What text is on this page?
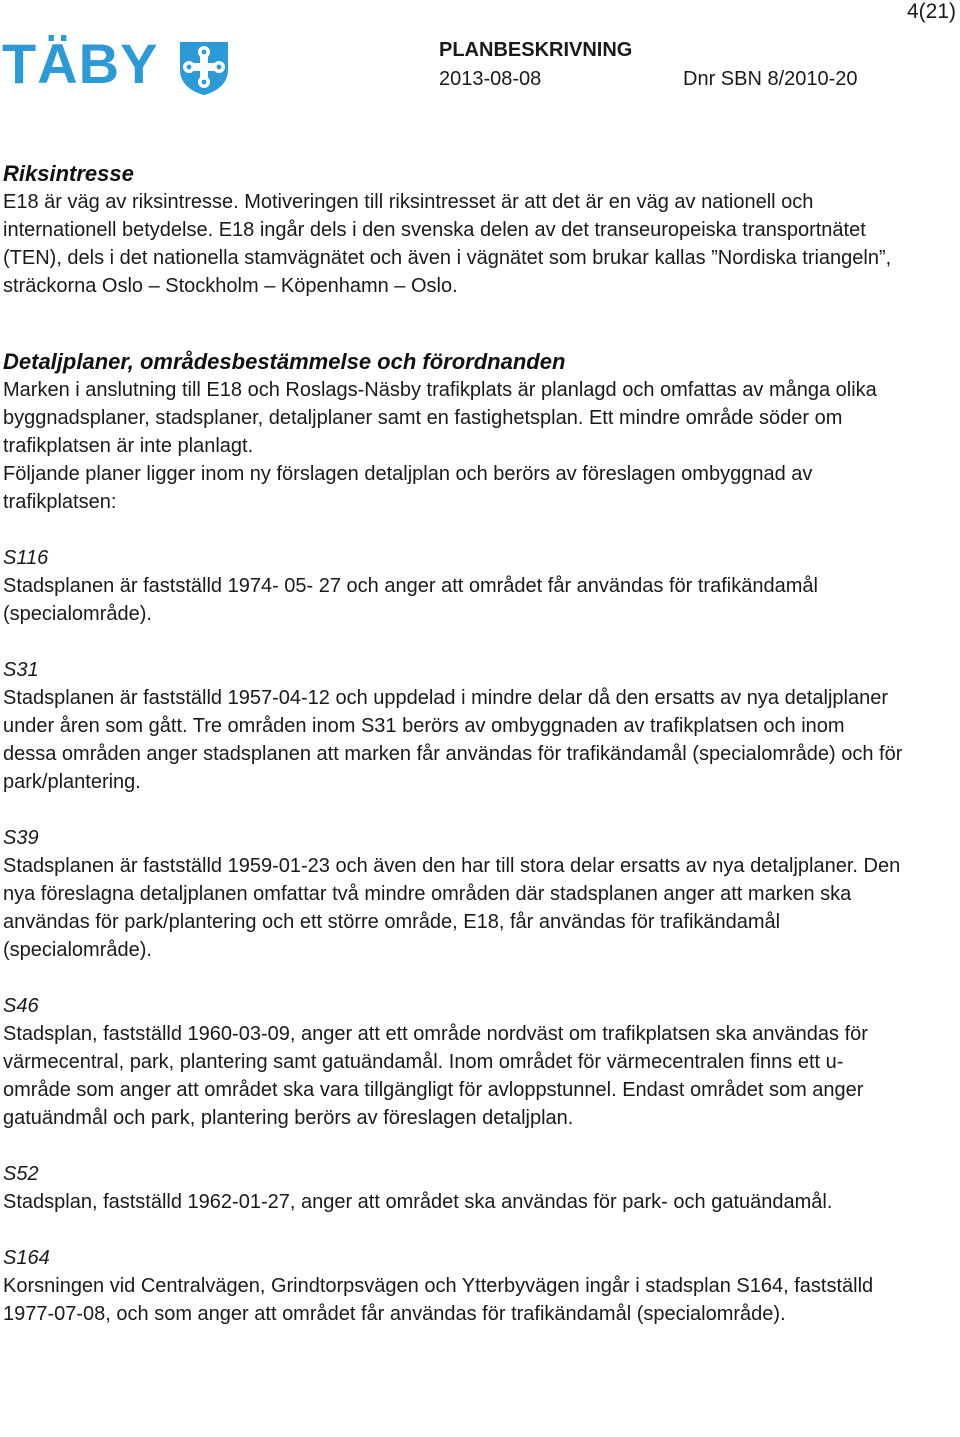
4(21)
TÄBY	PLANBESKRIVNING
2013-08-08	Dnr SBN 8/2010-20
Riksintresse

E18 är väg av riksintresse. Motiveringen till riksintresset är att det är en väg av nationell och internationell betydelse. E18 ingår dels i den svenska delen av det transeuropeiska transportnätet (TEN), dels i det nationella stamvägnätet och även i vägnätet som brukar kallas ”Nordiska triangeln”, sträckorna Oslo – Stockholm – Köpenhamn – Oslo.

Detaljplaner, områdesbestämmelse och förordnanden

Marken i anslutning till E18 och Roslags-Näsby trafikplats är planlagd och omfattas av många olika byggnadsplaner, stadsplaner, detaljplaner samt en fastighetsplan. Ett mindre område söder om trafikplatsen är inte planlagt.

Följande planer ligger inom ny förslagen detaljplan och berörs av föreslagen ombyggnad av trafikplatsen:

S116

Stadsplanen är fastställd 1974- 05- 27 och anger att området får användas för trafikändamål (specialområde).

S31

Stadsplanen är fastställd 1957-04-12 och uppdelad i mindre delar då den ersatts av nya detaljplaner under åren som gått. Tre områden inom S31 berörs av ombyggnaden av trafikplatsen och inom dessa områden anger stadsplanen att marken får användas för trafikändamål (specialområde) och för park/plantering.

S39

Stadsplanen är fastställd 1959-01-23 och även den har till stora delar ersatts av nya detaljplaner. Den nya föreslagna detaljplanen omfattar två mindre områden där stadsplanen anger att marken ska användas för park/plantering och ett större område, E18, får användas för trafikändamål (specialområde).

S46

Stadsplan, fastställd 1960-03-09, anger att ett område nordväst om trafikplatsen ska användas för värmecentral, park, plantering samt gatuändamål. Inom området för värmecentralen finns ett u-område som anger att området ska vara tillgängligt för avloppstunnel. Endast området som anger gatuändmål och park, plantering berörs av föreslagen detaljplan.

S52

Stadsplan, fastställd 1962-01-27, anger att området ska användas för park- och gatuändamål.

S164

Korsningen vid Centralvägen, Grindtorpsvägen och Ytterbyvägen ingår i stadsplan S164, fastställd 1977-07-08, och som anger att området får användas för trafikändamål (specialområde).
